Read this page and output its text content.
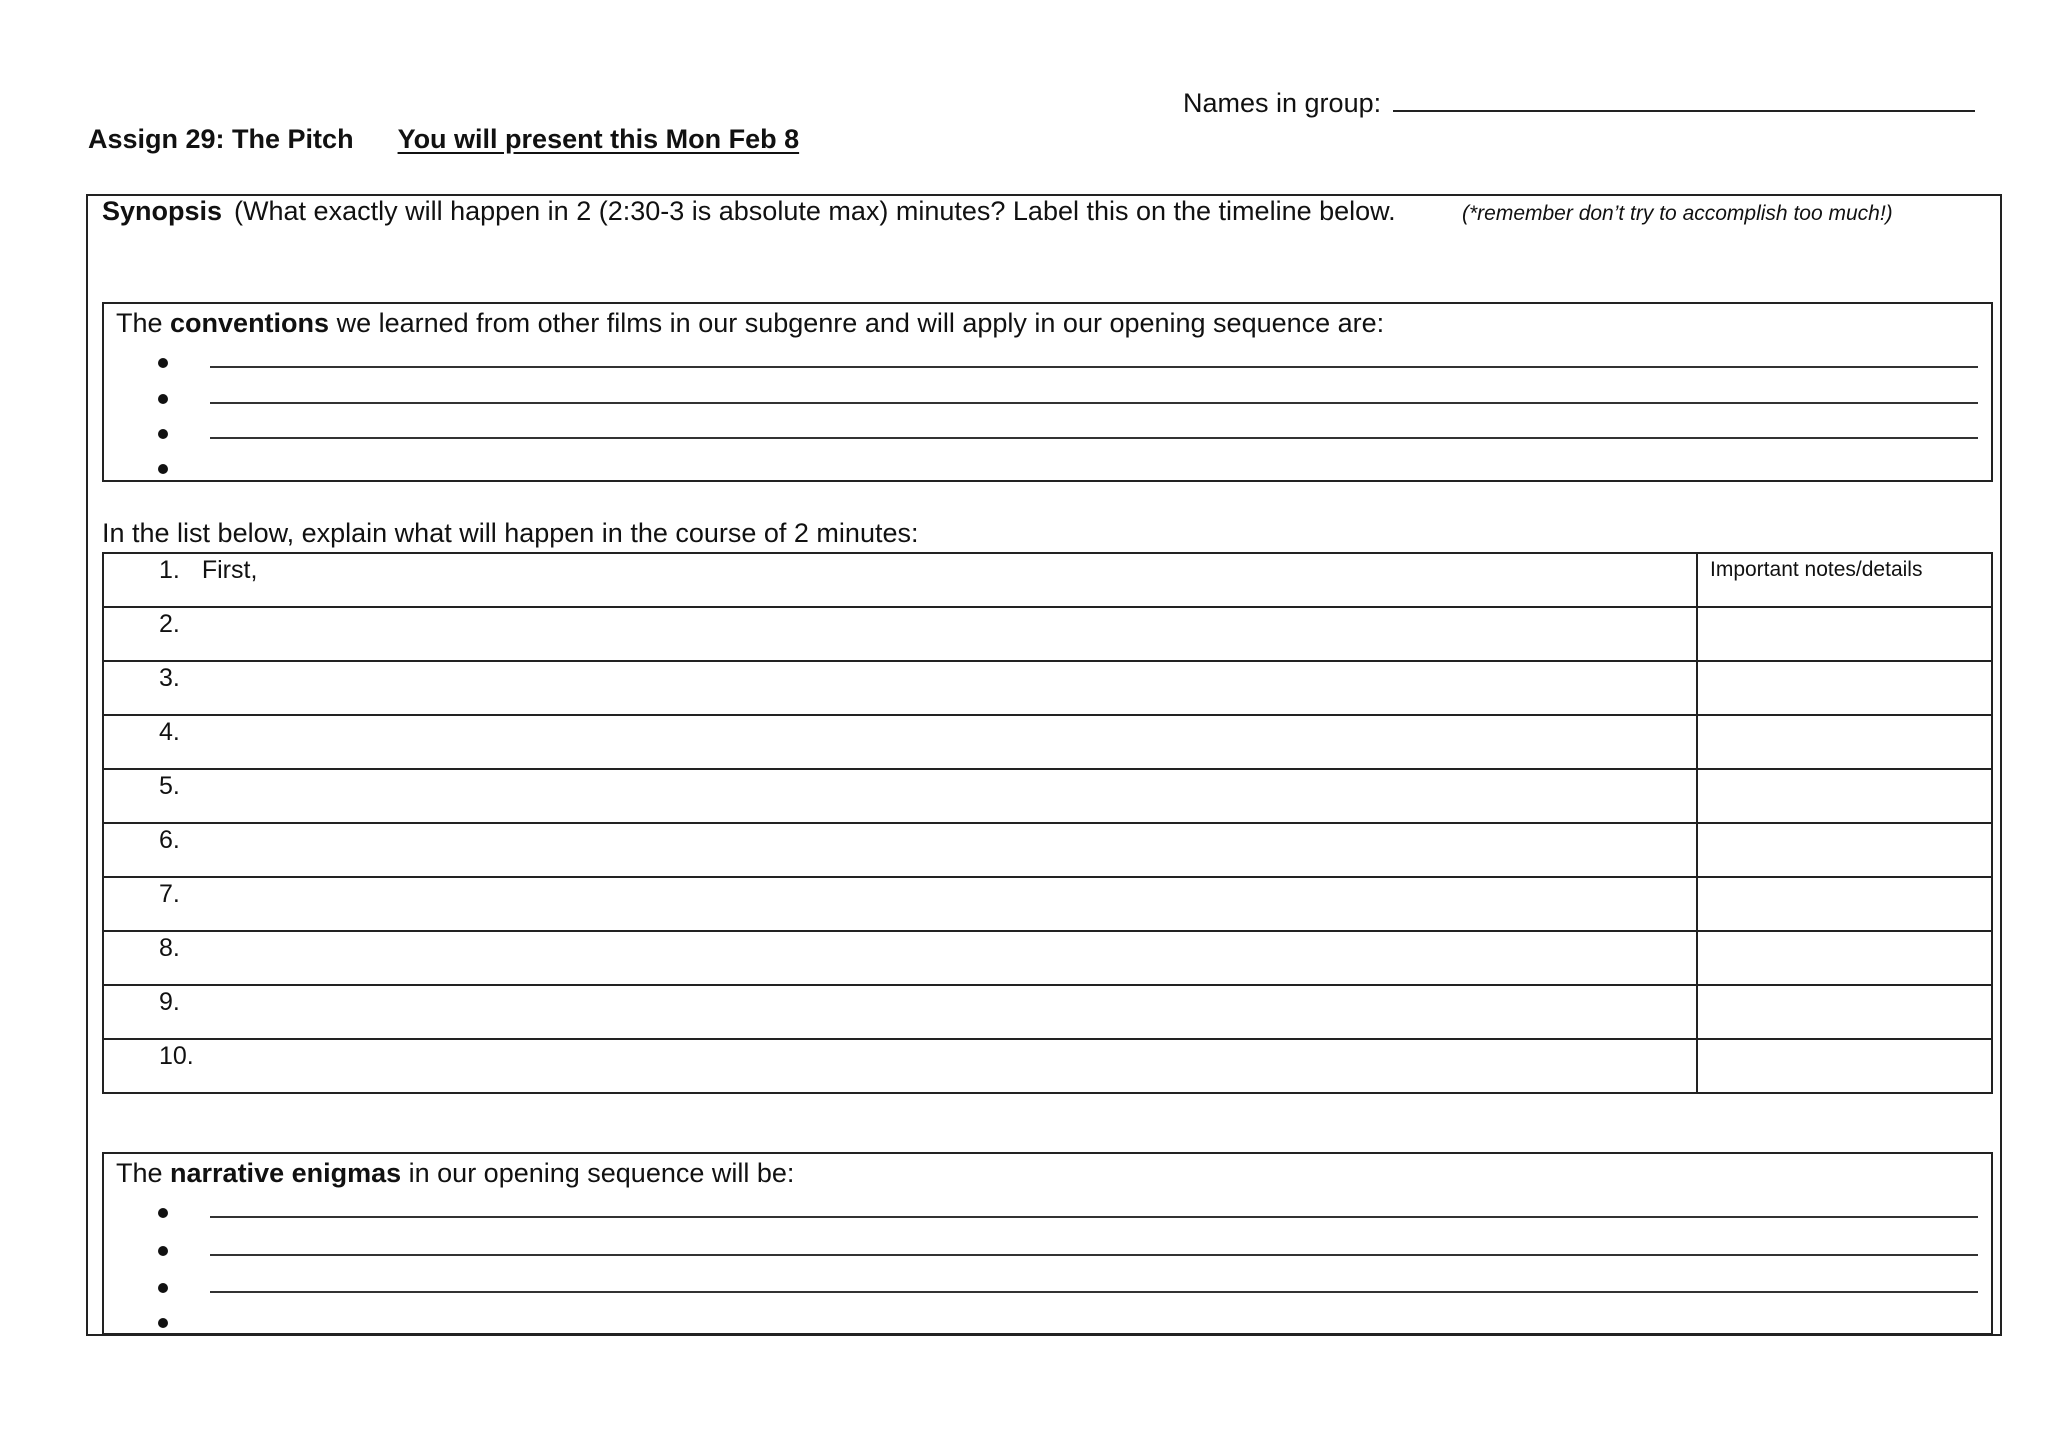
Names in group:
Assign 29: The Pitch You will present this Mon Feb 8
Synopsis (What exactly will happen in 2 (2:30-3 is absolute max) minutes? Label this on the timeline below.	(*remember don’t try to accomplish too much!)
The conventions we learned from other films in our subgenre and will apply in our opening sequence are:
In the list below, explain what will happen in the course of 2 minutes:
1. First,	Important notes/details
2.	
3.	
4.	
5.	
6.	
7.	
8.	
9.	
10.	
The narrative enigmas in our opening sequence will be:
